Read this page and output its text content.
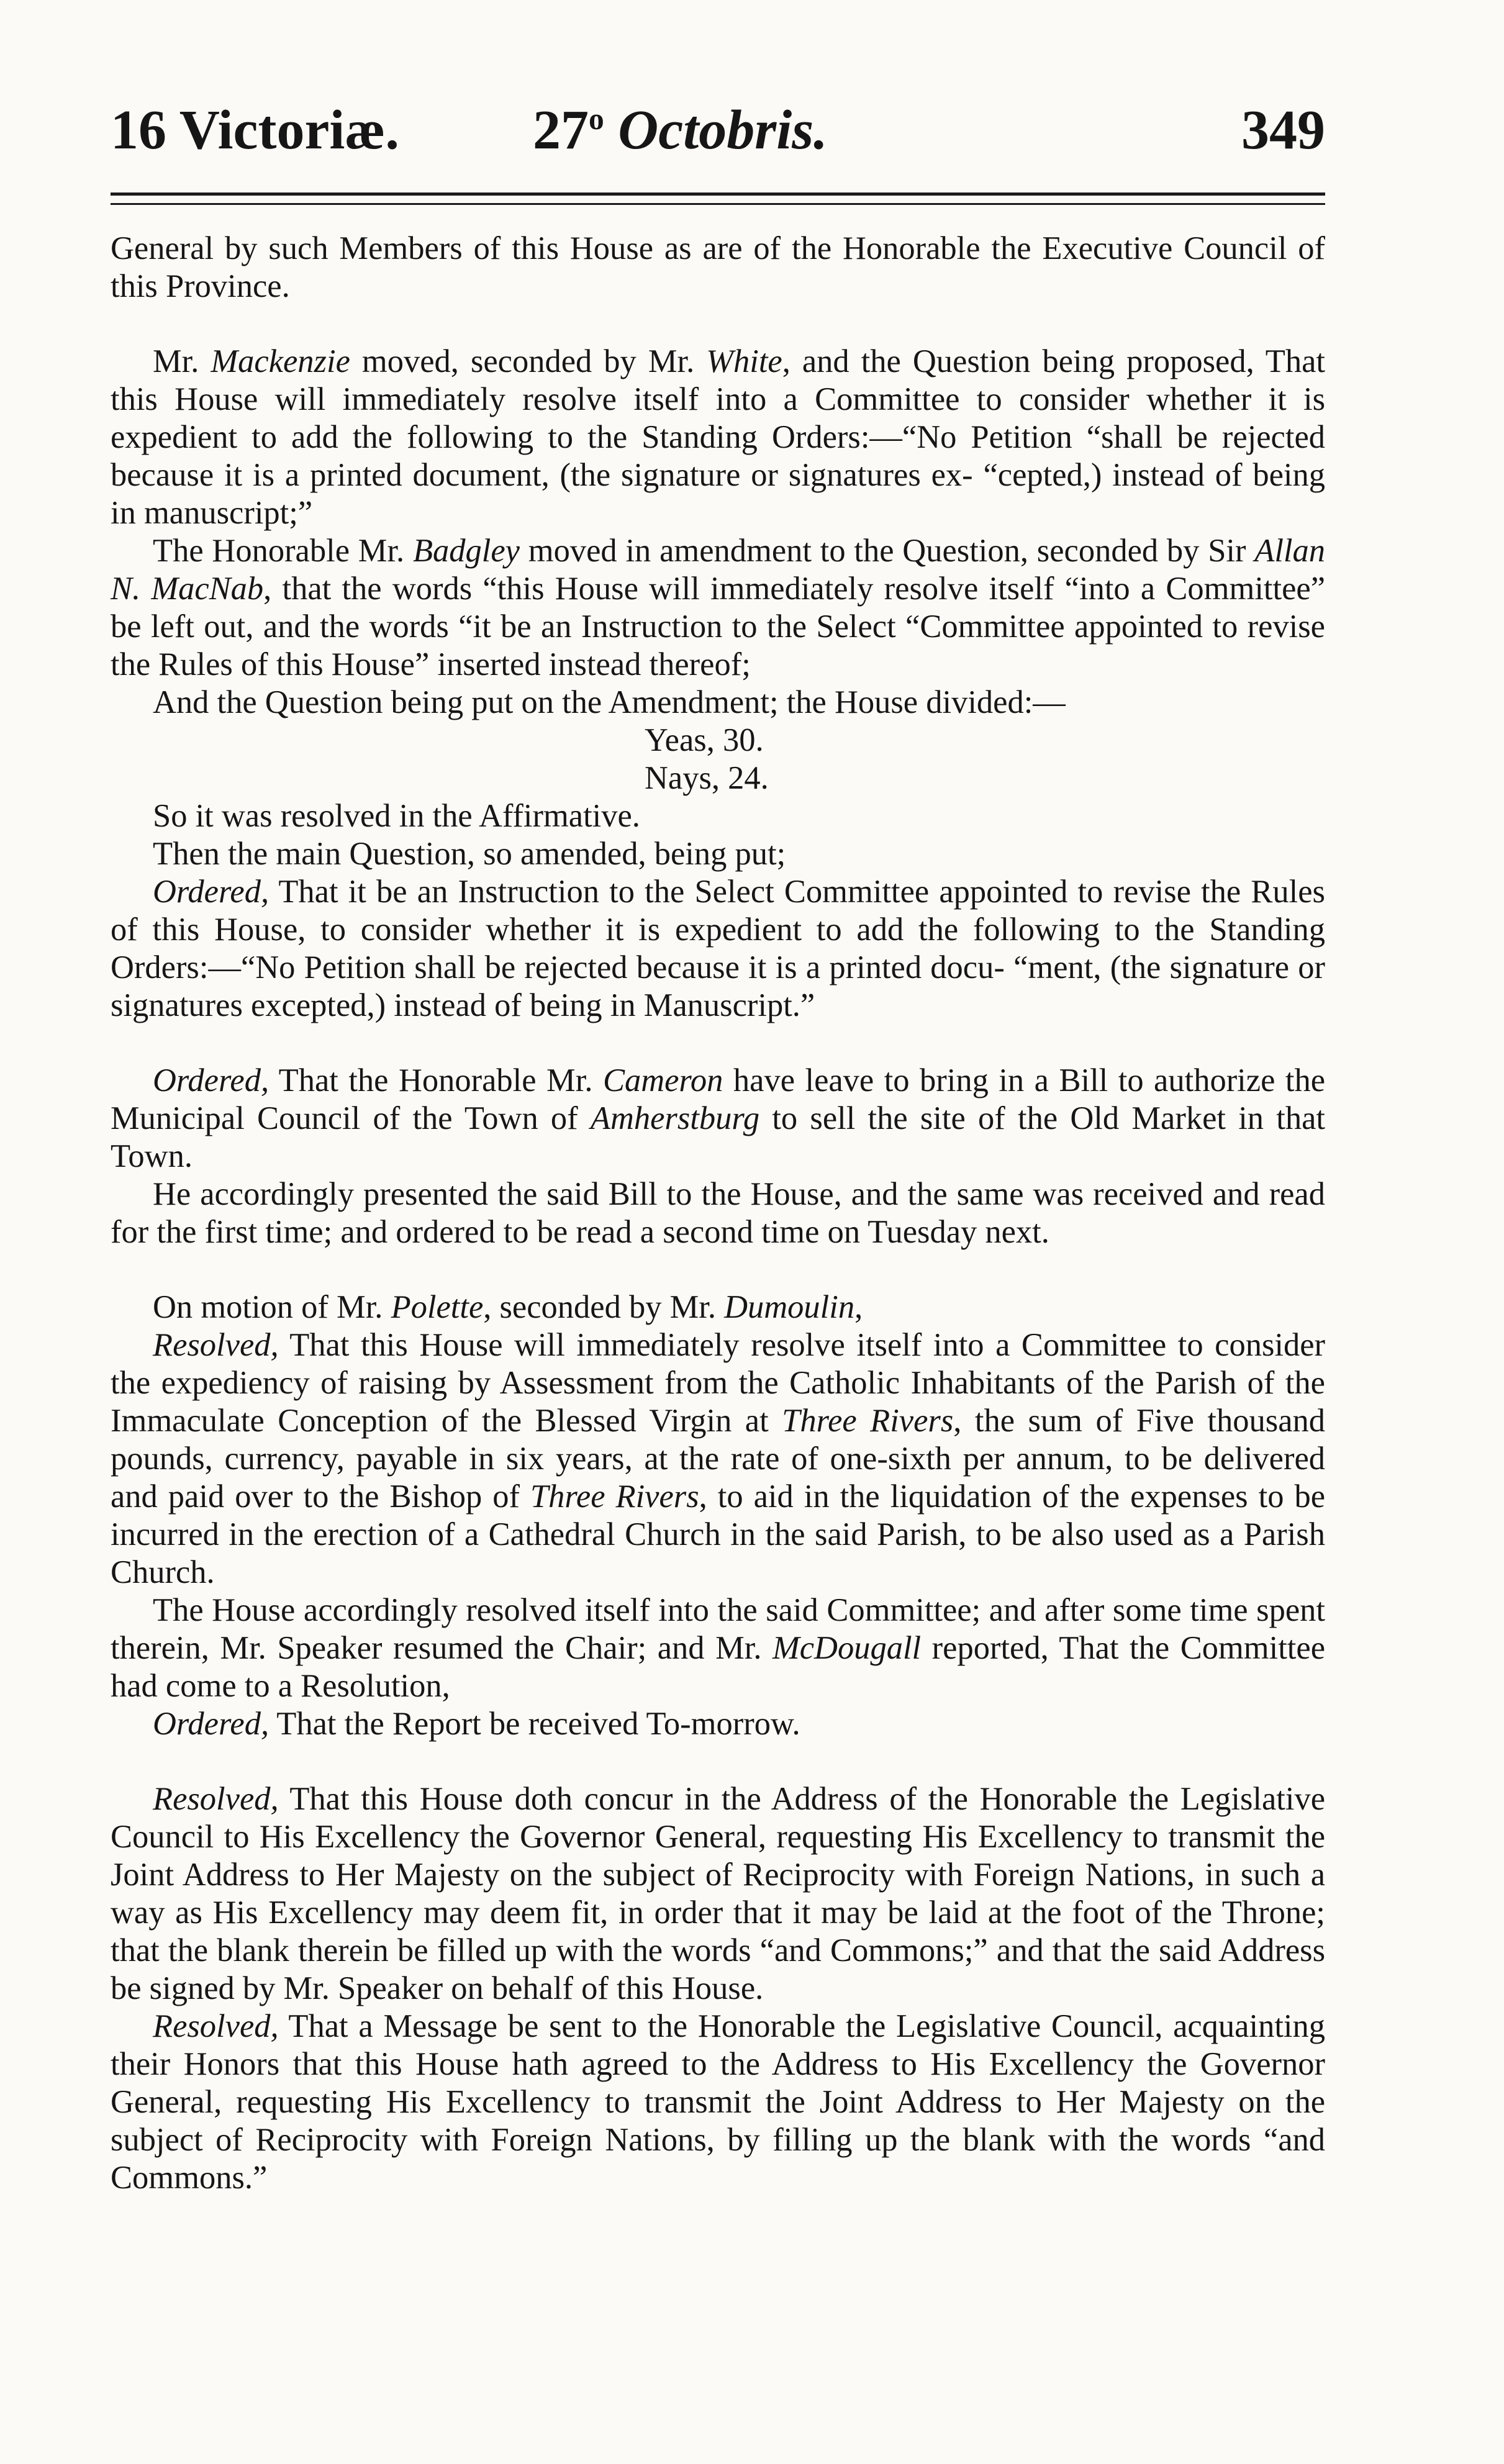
16 Victoriæ. 27$^o$ Octobris.	349

General by such Members of this House as are of the Honorable the Executive Council of this Province.

Mr. Mackenzie moved, seconded by Mr. White, and the Question being proposed, That this House will immediately resolve itself into a Committee to consider whether it is expedient to add the following to the Standing Orders:—“No Petition “shall be rejected because it is a printed document, (the signature or signatures ex- “cepted,) instead of being in manuscript;”

The Honorable Mr. Badgley moved in amendment to the Question, seconded by Sir Allan N. MacNab, that the words “this House will immediately resolve itself “into a Committee” be left out, and the words “it be an Instruction to the Select “Committee appointed to revise the Rules of this House” inserted instead thereof;

And the Question being put on the Amendment; the House divided:—

Yeas, 30.

Nays, 24.

So it was resolved in the Affirmative.

Then the main Question, so amended, being put;

Ordered, That it be an Instruction to the Select Committee appointed to revise the Rules of this House, to consider whether it is expedient to add the following to the Standing Orders:—“No Petition shall be rejected because it is a printed docu- “ment, (the signature or signatures excepted,) instead of being in Manuscript.”

Ordered, That the Honorable Mr. Cameron have leave to bring in a Bill to authorize the Municipal Council of the Town of Amherstburg to sell the site of the Old Market in that Town.

He accordingly presented the said Bill to the House, and the same was received and read for the first time; and ordered to be read a second time on Tuesday next.

On motion of Mr. Polette, seconded by Mr. Dumoulin,

Resolved, That this House will immediately resolve itself into a Committee to consider the expediency of raising by Assessment from the Catholic Inhabitants of the Parish of the Immaculate Conception of the Blessed Virgin at Three Rivers, the sum of Five thousand pounds, currency, payable in six years, at the rate of one-sixth per annum, to be delivered and paid over to the Bishop of Three Rivers, to aid in the liquidation of the expenses to be incurred in the erection of a Cathedral Church in the said Parish, to be also used as a Parish Church.

The House accordingly resolved itself into the said Committee; and after some time spent therein, Mr. Speaker resumed the Chair; and Mr. McDougall reported, That the Committee had come to a Resolution,

Ordered, That the Report be received To-morrow.

Resolved, That this House doth concur in the Address of the Honorable the Legislative Council to His Excellency the Governor General, requesting His Excellency to transmit the Joint Address to Her Majesty on the subject of Reciprocity with Foreign Nations, in such a way as His Excellency may deem fit, in order that it may be laid at the foot of the Throne; that the blank therein be filled up with the words “and Commons;” and that the said Address be signed by Mr. Speaker on behalf of this House.

Resolved, That a Message be sent to the Honorable the Legislative Council, acquainting their Honors that this House hath agreed to the Address to His Excellency the Governor General, requesting His Excellency to transmit the Joint Address to Her Majesty on the subject of Reciprocity with Foreign Nations, by filling up the blank with the words “and Commons.”
